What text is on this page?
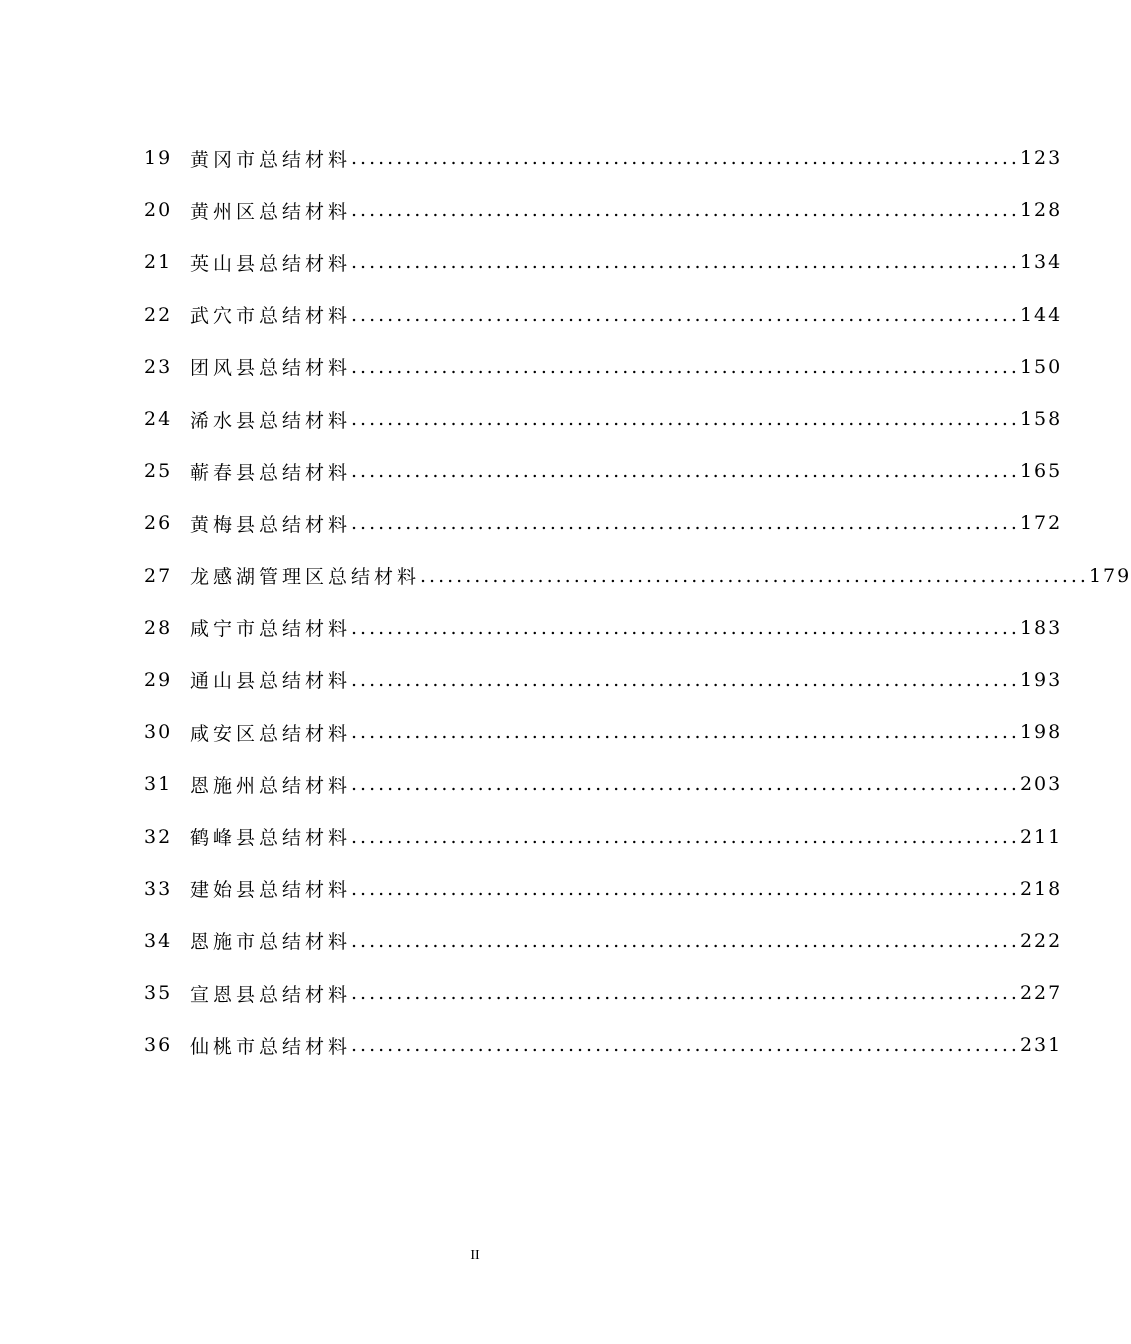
19 黄冈市总结材料 .......................................................................... 123
20 黄州区总结材料 .......................................................................... 128
21 英山县总结材料 .......................................................................... 134
22 武穴市总结材料 .......................................................................... 144
23 团风县总结材料 .......................................................................... 150
24 浠水县总结材料 .......................................................................... 158
25 蕲春县总结材料 .......................................................................... 165
26 黄梅县总结材料 .......................................................................... 172
27 龙感湖管理区总结材料 .......................................................................... 179
28 咸宁市总结材料 .......................................................................... 183
29 通山县总结材料 .......................................................................... 193
30 咸安区总结材料 .......................................................................... 198
31 恩施州总结材料 .......................................................................... 203
32 鹤峰县总结材料 .......................................................................... 211
33 建始县总结材料 .......................................................................... 218
34 恩施市总结材料 .......................................................................... 222
35 宣恩县总结材料 .......................................................................... 227
36 仙桃市总结材料 .......................................................................... 231
II
